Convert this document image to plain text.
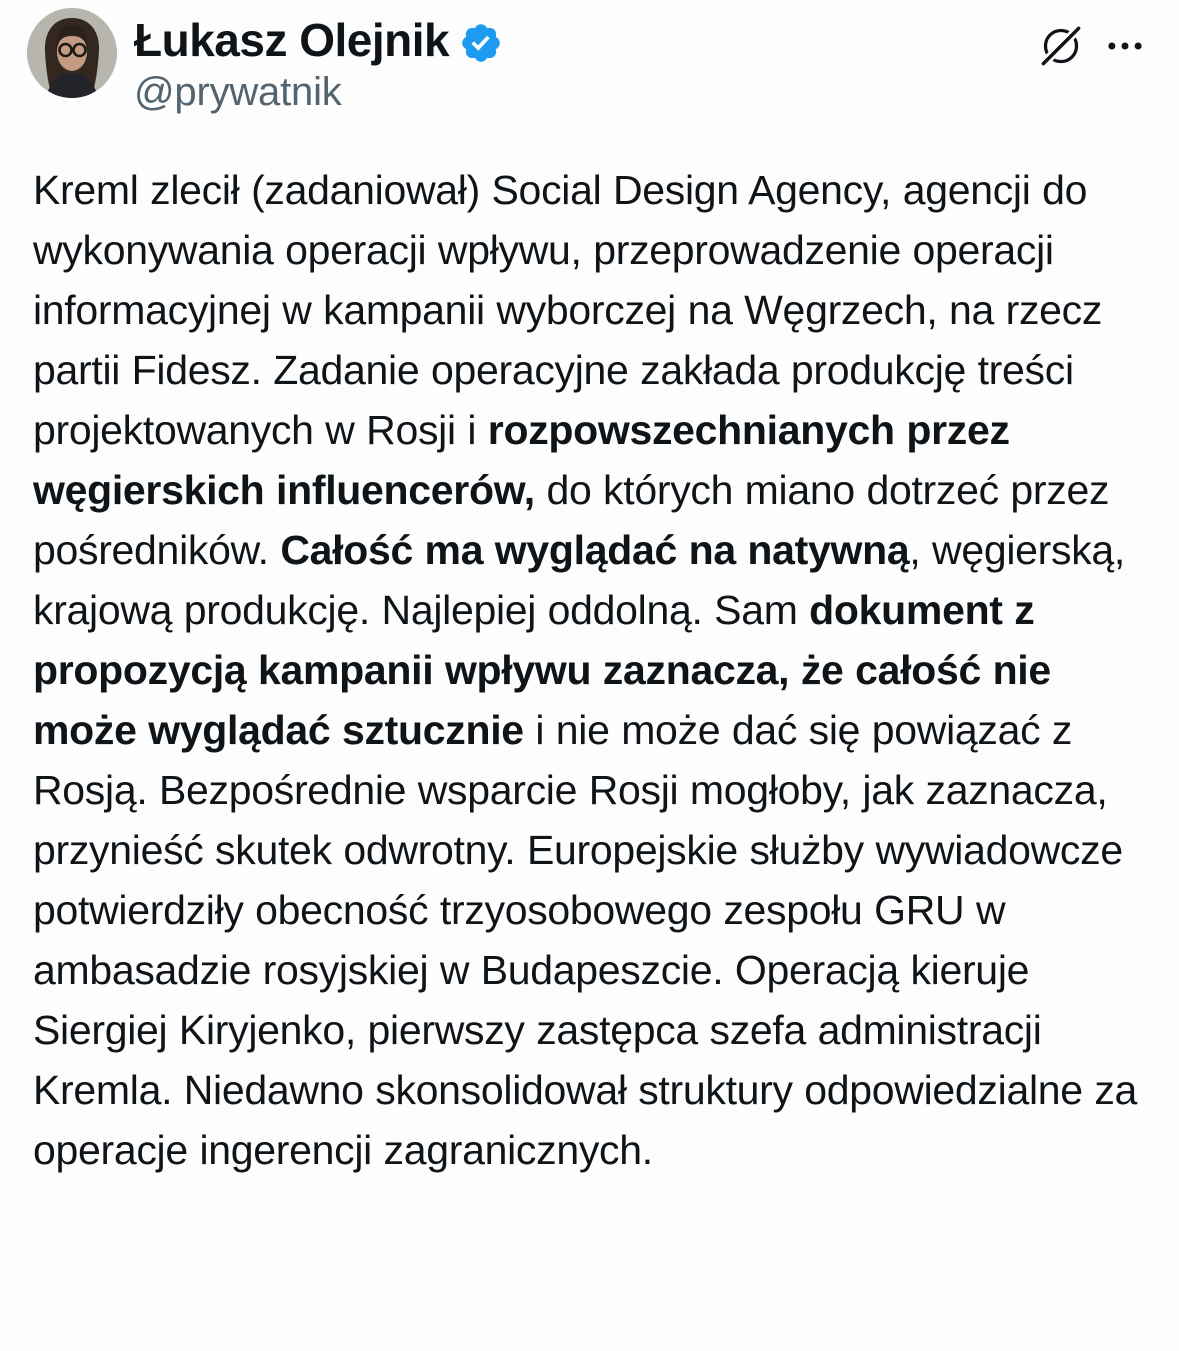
Łukasz Olejnik
@prywatnik

Kreml zlecił (zadaniował) Social Design Agency, agencji do wykonywania operacji wpływu, przeprowadzenie operacji informacyjnej w kampanii wyborczej na Węgrzech, na rzecz partii Fidesz. Zadanie operacyjne zakłada produkcję treści projektowanych w Rosji i rozpowszechnianych przez węgierskich influencerów, do których miano dotrzeć przez pośredników. Całość ma wyglądać na natywną, węgierską, krajową produkcję. Najlepiej oddolną. Sam dokument z propozycją kampanii wpływu zaznacza, że całość nie może wyglądać sztucznie i nie może dać się powiązać z Rosją. Bezpośrednie wsparcie Rosji mogłoby, jak zaznacza, przynieść skutek odwrotny. Europejskie służby wywiadowcze potwierdziły obecność trzyosobowego zespołu GRU w ambasadzie rosyjskiej w Budapeszcie. Operacją kieruje Siergiej Kiryjenko, pierwszy zastępca szefa administracji Kremla. Niedawno skonsolidował struktury odpowiedzialne za operacje ingerencji zagranicznych.
